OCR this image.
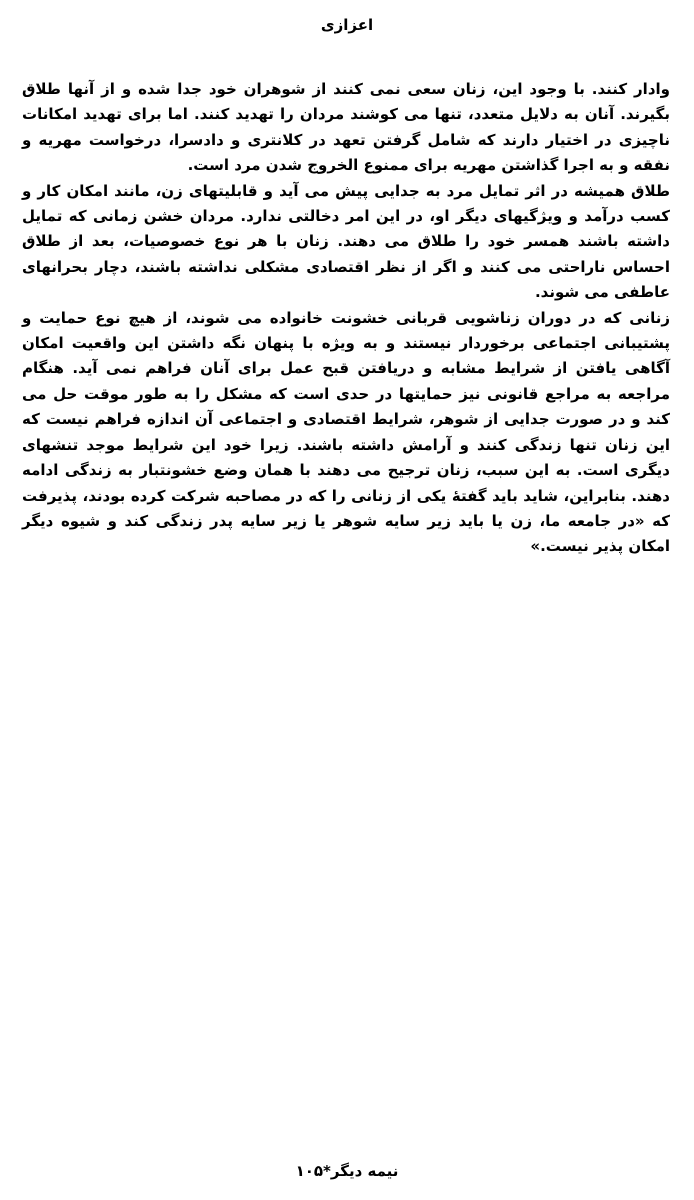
اعزازی

وادار کنند. با وجود این، زنان سعی نمی کنند از شوهران خود جدا شده و از آنها طلاق بگیرند. آنان به دلایل متعدد، تنها می کوشند مردان را تهدید کنند. اما برای تهدید امکانات ناچیزی در اختیار دارند که شامل گرفتن تعهد در کلانتری و دادسرا، درخواست مهریه و نفقه و به اجرا گذاشتن مهریه برای ممنوع الخروج شدن مرد است.

طلاق همیشه در اثر تمایل مرد به جدایی پیش می آید و قابلیتهای زن، مانند امکان کار و کسب درآمد و ویژگیهای دیگر او، در این امر دخالتی ندارد. مردان خشن زمانی که تمایل داشته باشند همسر خود را طلاق می دهند. زنان با هر نوع خصوصیات، بعد از طلاق احساس ناراحتی می کنند و اگر از نظر اقتصادی مشکلی نداشته باشند، دچار بحرانهای عاطفی می شوند.

زنانی که در دوران زناشویی قربانی خشونت خانواده می شوند، از هیچ نوع حمایت و پشتیبانی اجتماعی برخوردار نیستند و به ویژه با پنهان نگه داشتن این واقعیت امکان آگاهی یافتن از شرایط مشابه و دریافتن قبح عمل برای آنان فراهم نمی آید. هنگام مراجعه به مراجع قانونی نیز حمایتها در حدی است که مشکل را به طور موقت حل می کند و در صورت جدایی از شوهر، شرایط اقتصادی و اجتماعی آن اندازه فراهم نیست که این زنان تنها زندگی کنند و آرامش داشته باشند. زیرا خود این شرایط موجد تنشهای دیگری است. به این سبب، زنان ترجیح می دهند با همان وضع خشونتبار به زندگی ادامه دهند. بنابراین، شاید باید گفتهٔ یکی از زنانی را که در مصاحبه شرکت کرده بودند، پذیرفت که «در جامعه ما، زن یا باید زیر سایه شوهر یا زیر سایه پدر زندگی کند و شیوه دیگر امکان پذیر نیست.»

نیمه دیگر*۱۰۵
